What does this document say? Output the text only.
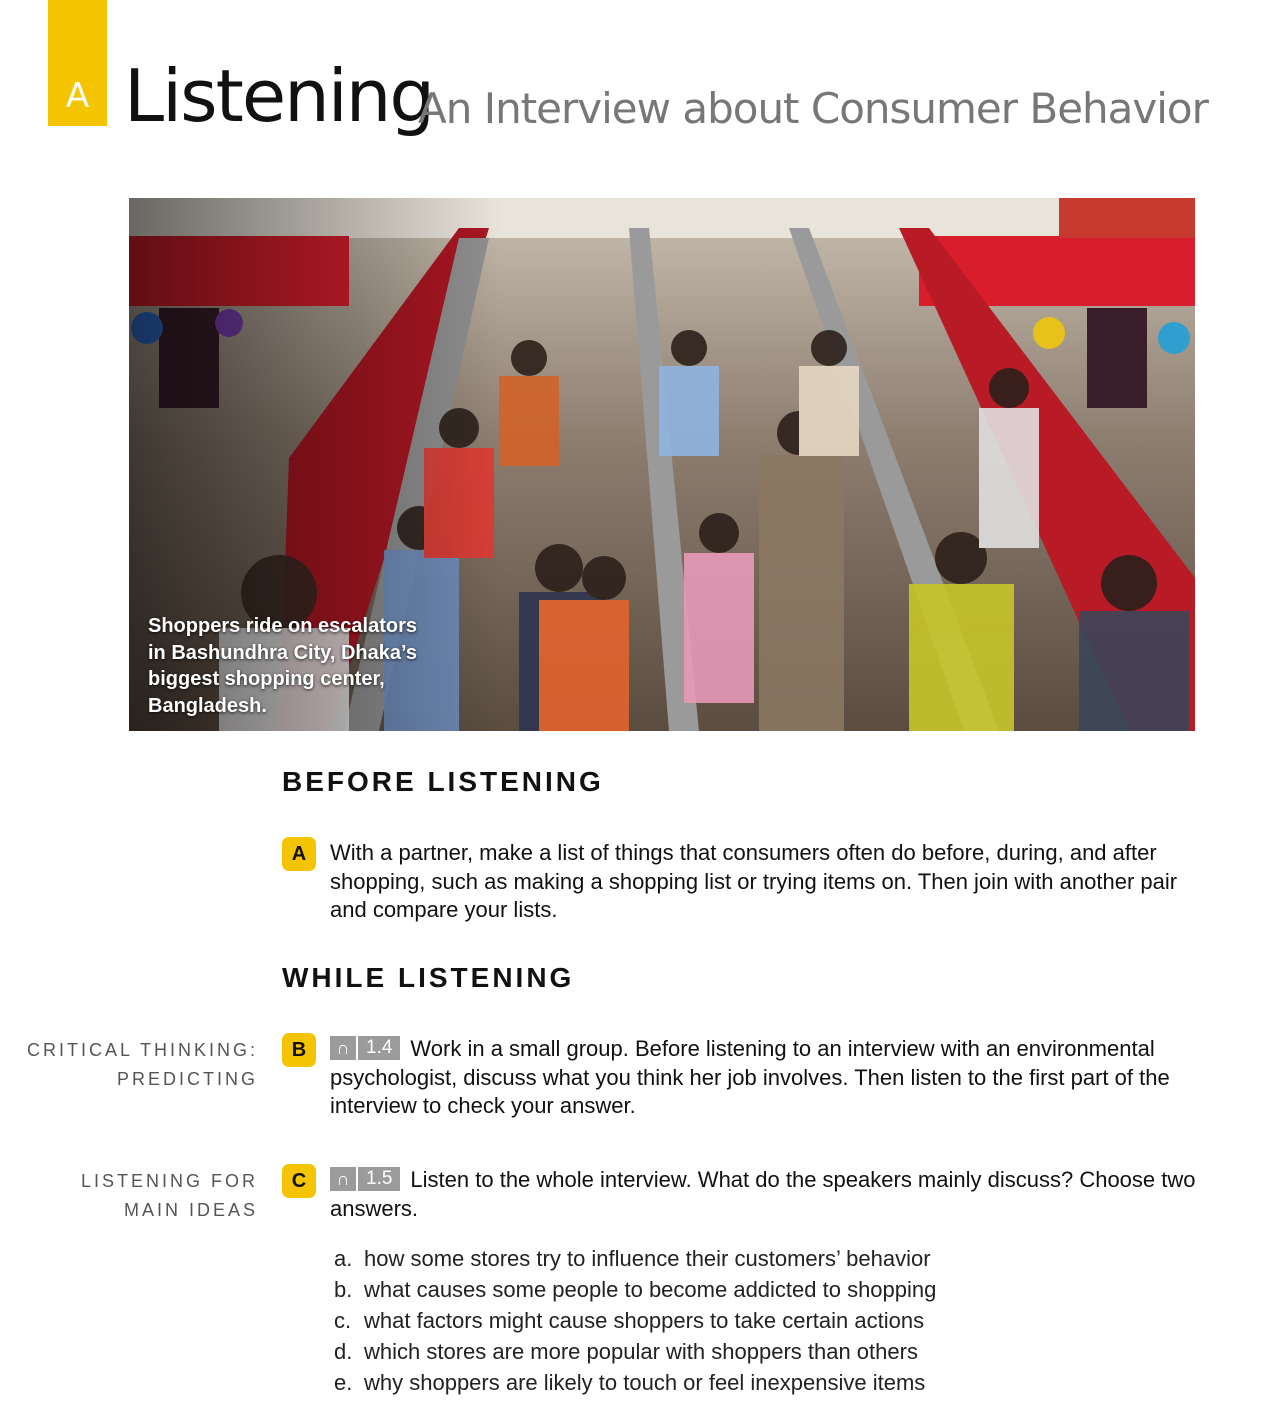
A Listening
An Interview about Consumer Behavior
Shoppers ride on escalators in Bashundhra City, Dhaka’s biggest shopping center, Bangladesh.
BEFORE LISTENING
A	With a partner, make a list of things that consumers often do before, during, and after shopping, such as making a shopping list or trying items on. Then join with another pair and compare your lists.
WHILE LISTENING
CRITICAL THINKING:
PREDICTING
B	∩ 1.4 Work in a small group. Before listening to an interview with an environmental psychologist, discuss what you think her job involves. Then listen to the first part of the interview to check your answer.
LISTENING FOR
MAIN IDEAS
C	∩ 1.5 Listen to the whole interview. What do the speakers mainly discuss? Choose two answers.
a. how some stores try to influence their customers’ behavior
b. what causes some people to become addicted to shopping
c. what factors might cause shoppers to take certain actions
d. which stores are more popular with shoppers than others
e. why shoppers are likely to touch or feel inexpensive items
